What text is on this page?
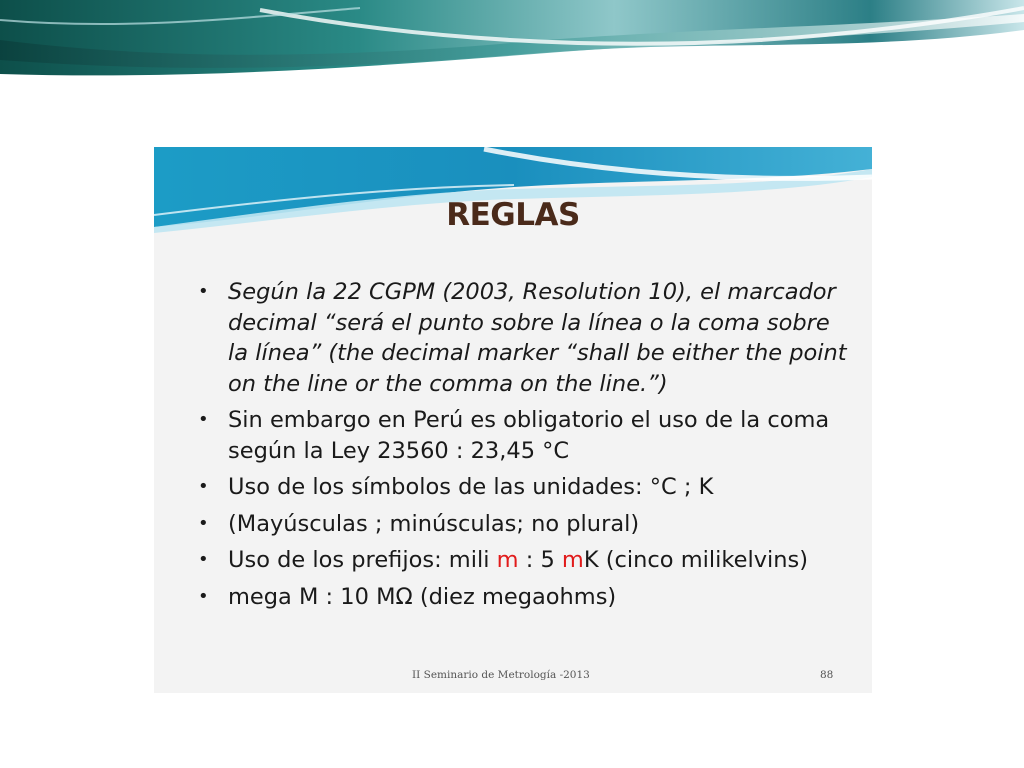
REGLAS
• Según la 22 CGPM (2003, Resolution 10), el marcador decimal “será el punto sobre la línea o la coma sobre la línea” (the decimal marker “shall be either the point on the line or the comma on the line.”)
• Sin embargo en Perú es obligatorio el uso de la coma según la Ley 23560 : 23,45 °C
• Uso de los símbolos de las unidades: °C ; K
• (Mayúsculas ; minúsculas; no plural)
• Uso de los prefijos: mili m : 5 mK (cinco milikelvins)
• mega M : 10 MΩ (diez megaohms)
II Seminario de Metrología -2013	88
